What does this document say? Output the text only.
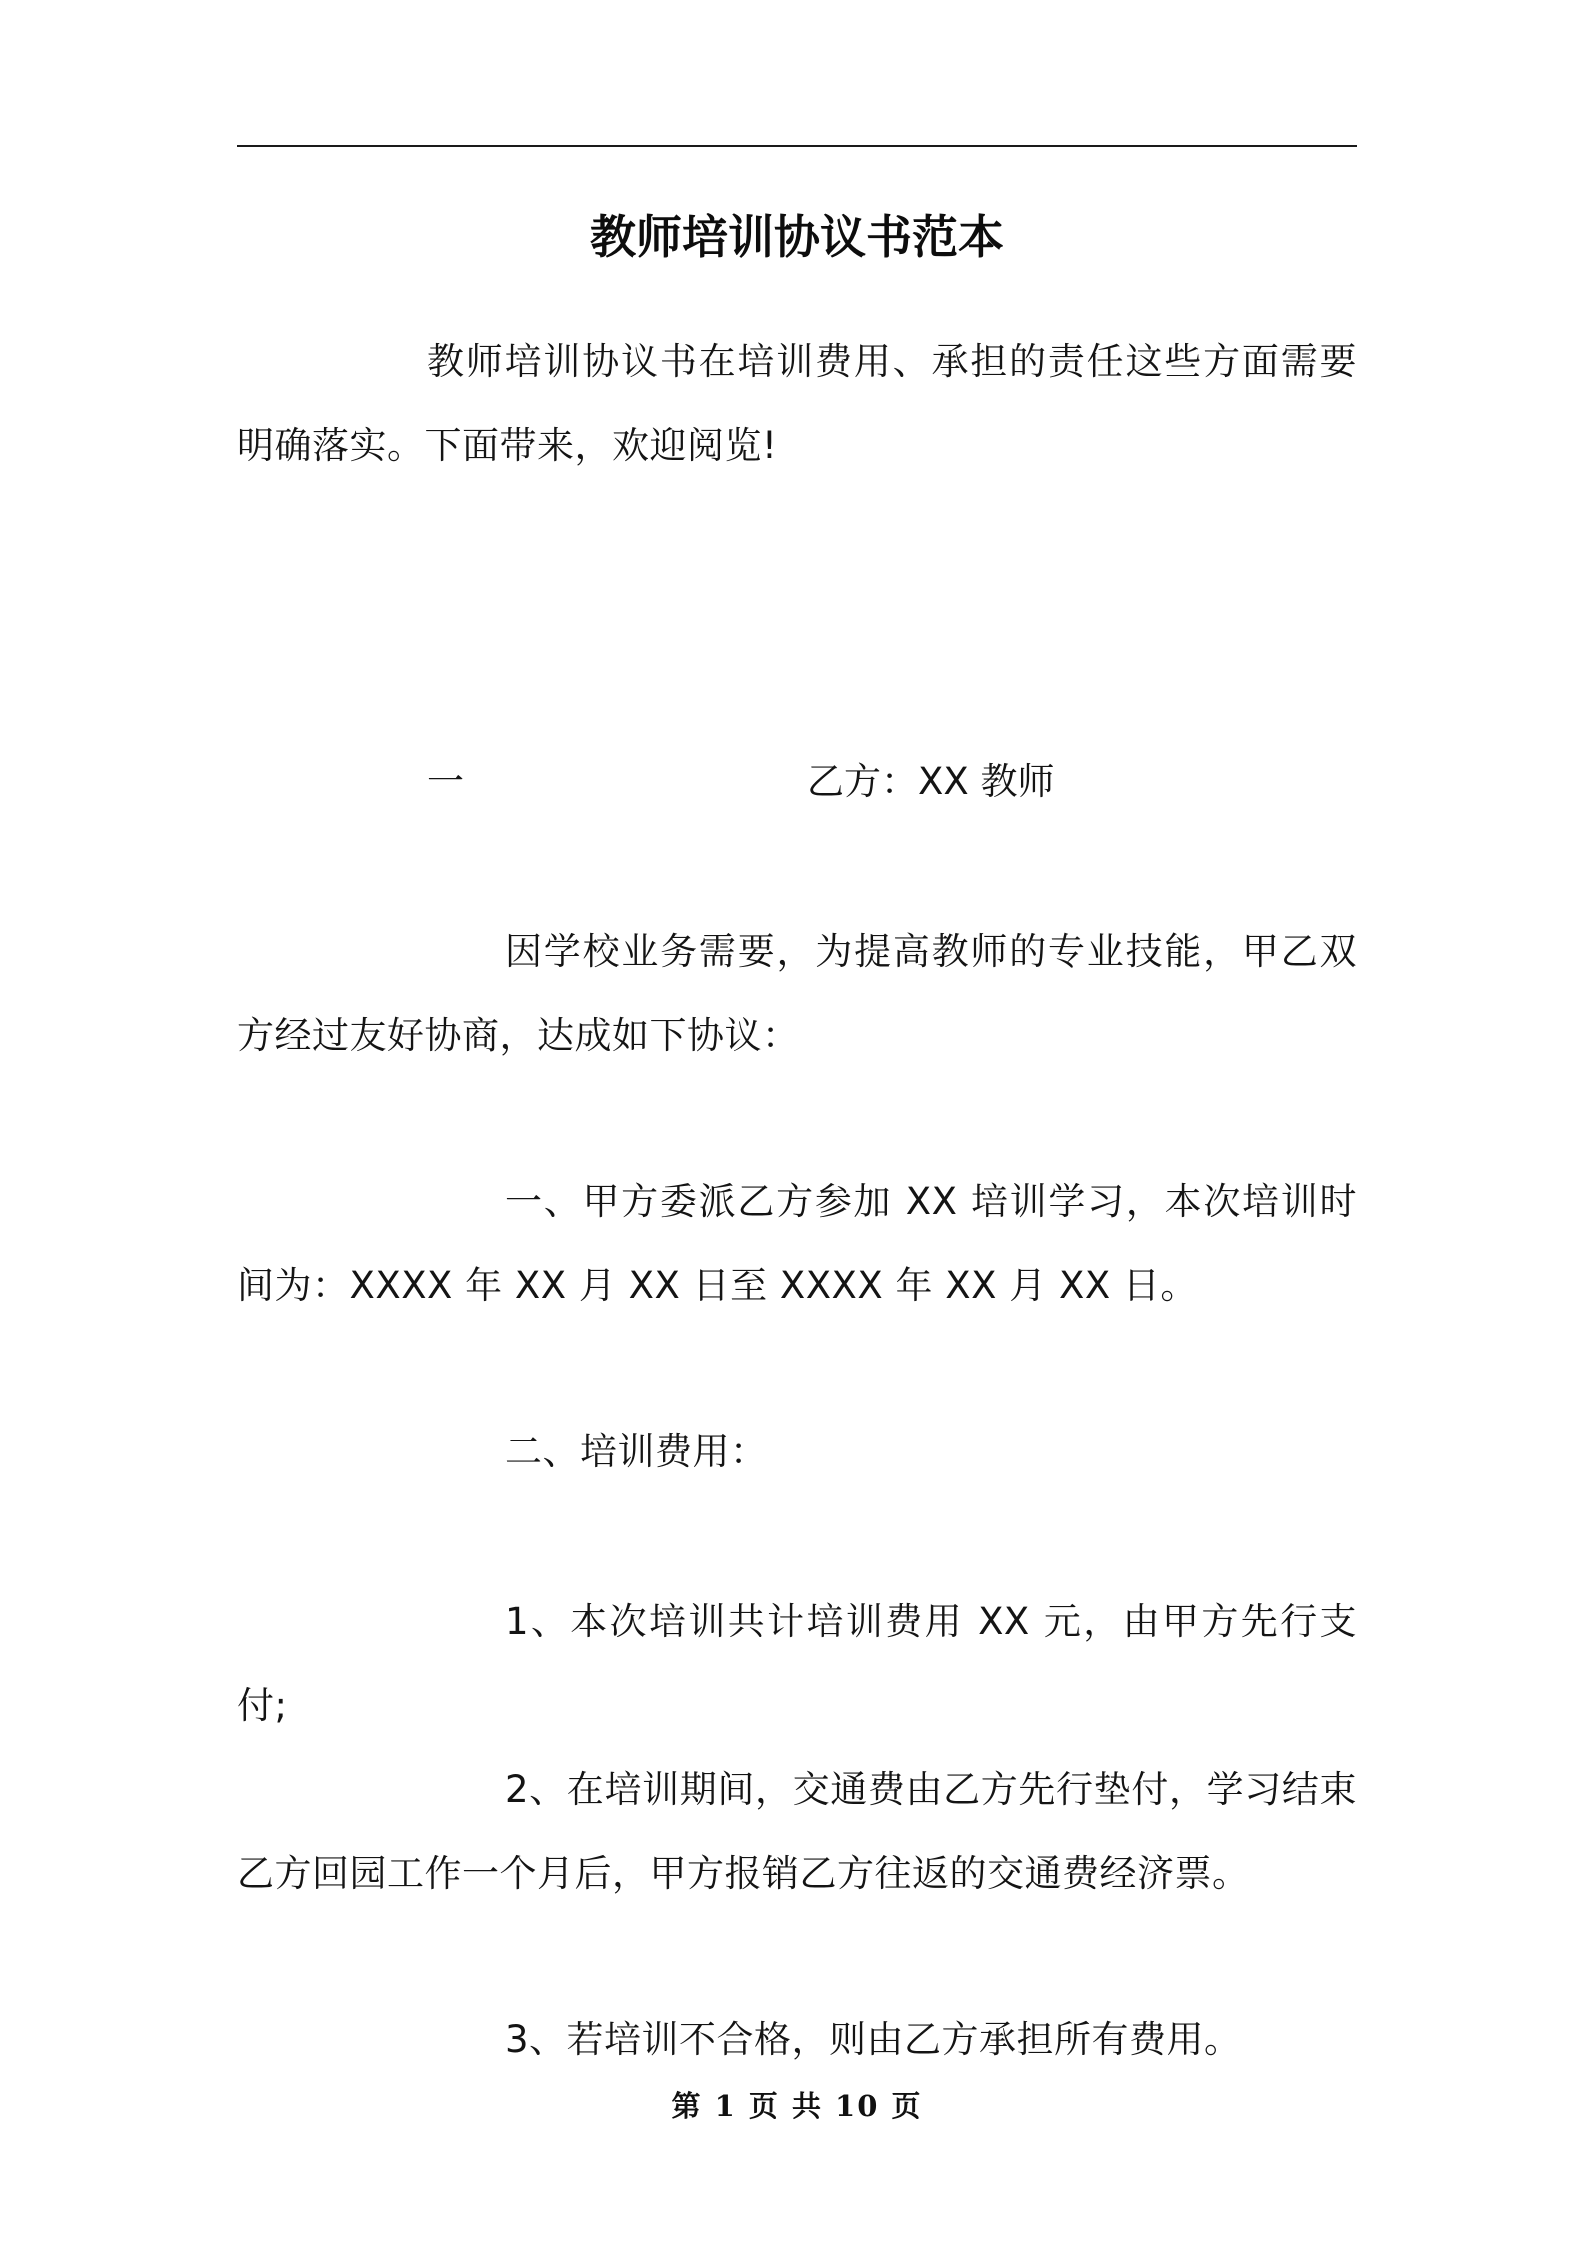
教师培训协议书范本
教师培训协议书在培训费用、承担的责任这些方面需要明确落实。下面带来，欢迎阅览!
一	乙方：XX 教师
因学校业务需要，为提高教师的专业技能，甲乙双方经过友好协商，达成如下协议：
一、甲方委派乙方参加 XX 培训学习，本次培训时间为：XXXX 年 XX 月 XX 日至 XXXX 年 XX 月 XX 日。
二、培训费用：
1、本次培训共计培训费用 XX 元，由甲方先行支付;
2、在培训期间，交通费由乙方先行垫付，学习结束乙方回园工作一个月后，甲方报销乙方往返的交通费经济票。
3、若培训不合格，则由乙方承担所有费用。
第 1 页 共 10 页
